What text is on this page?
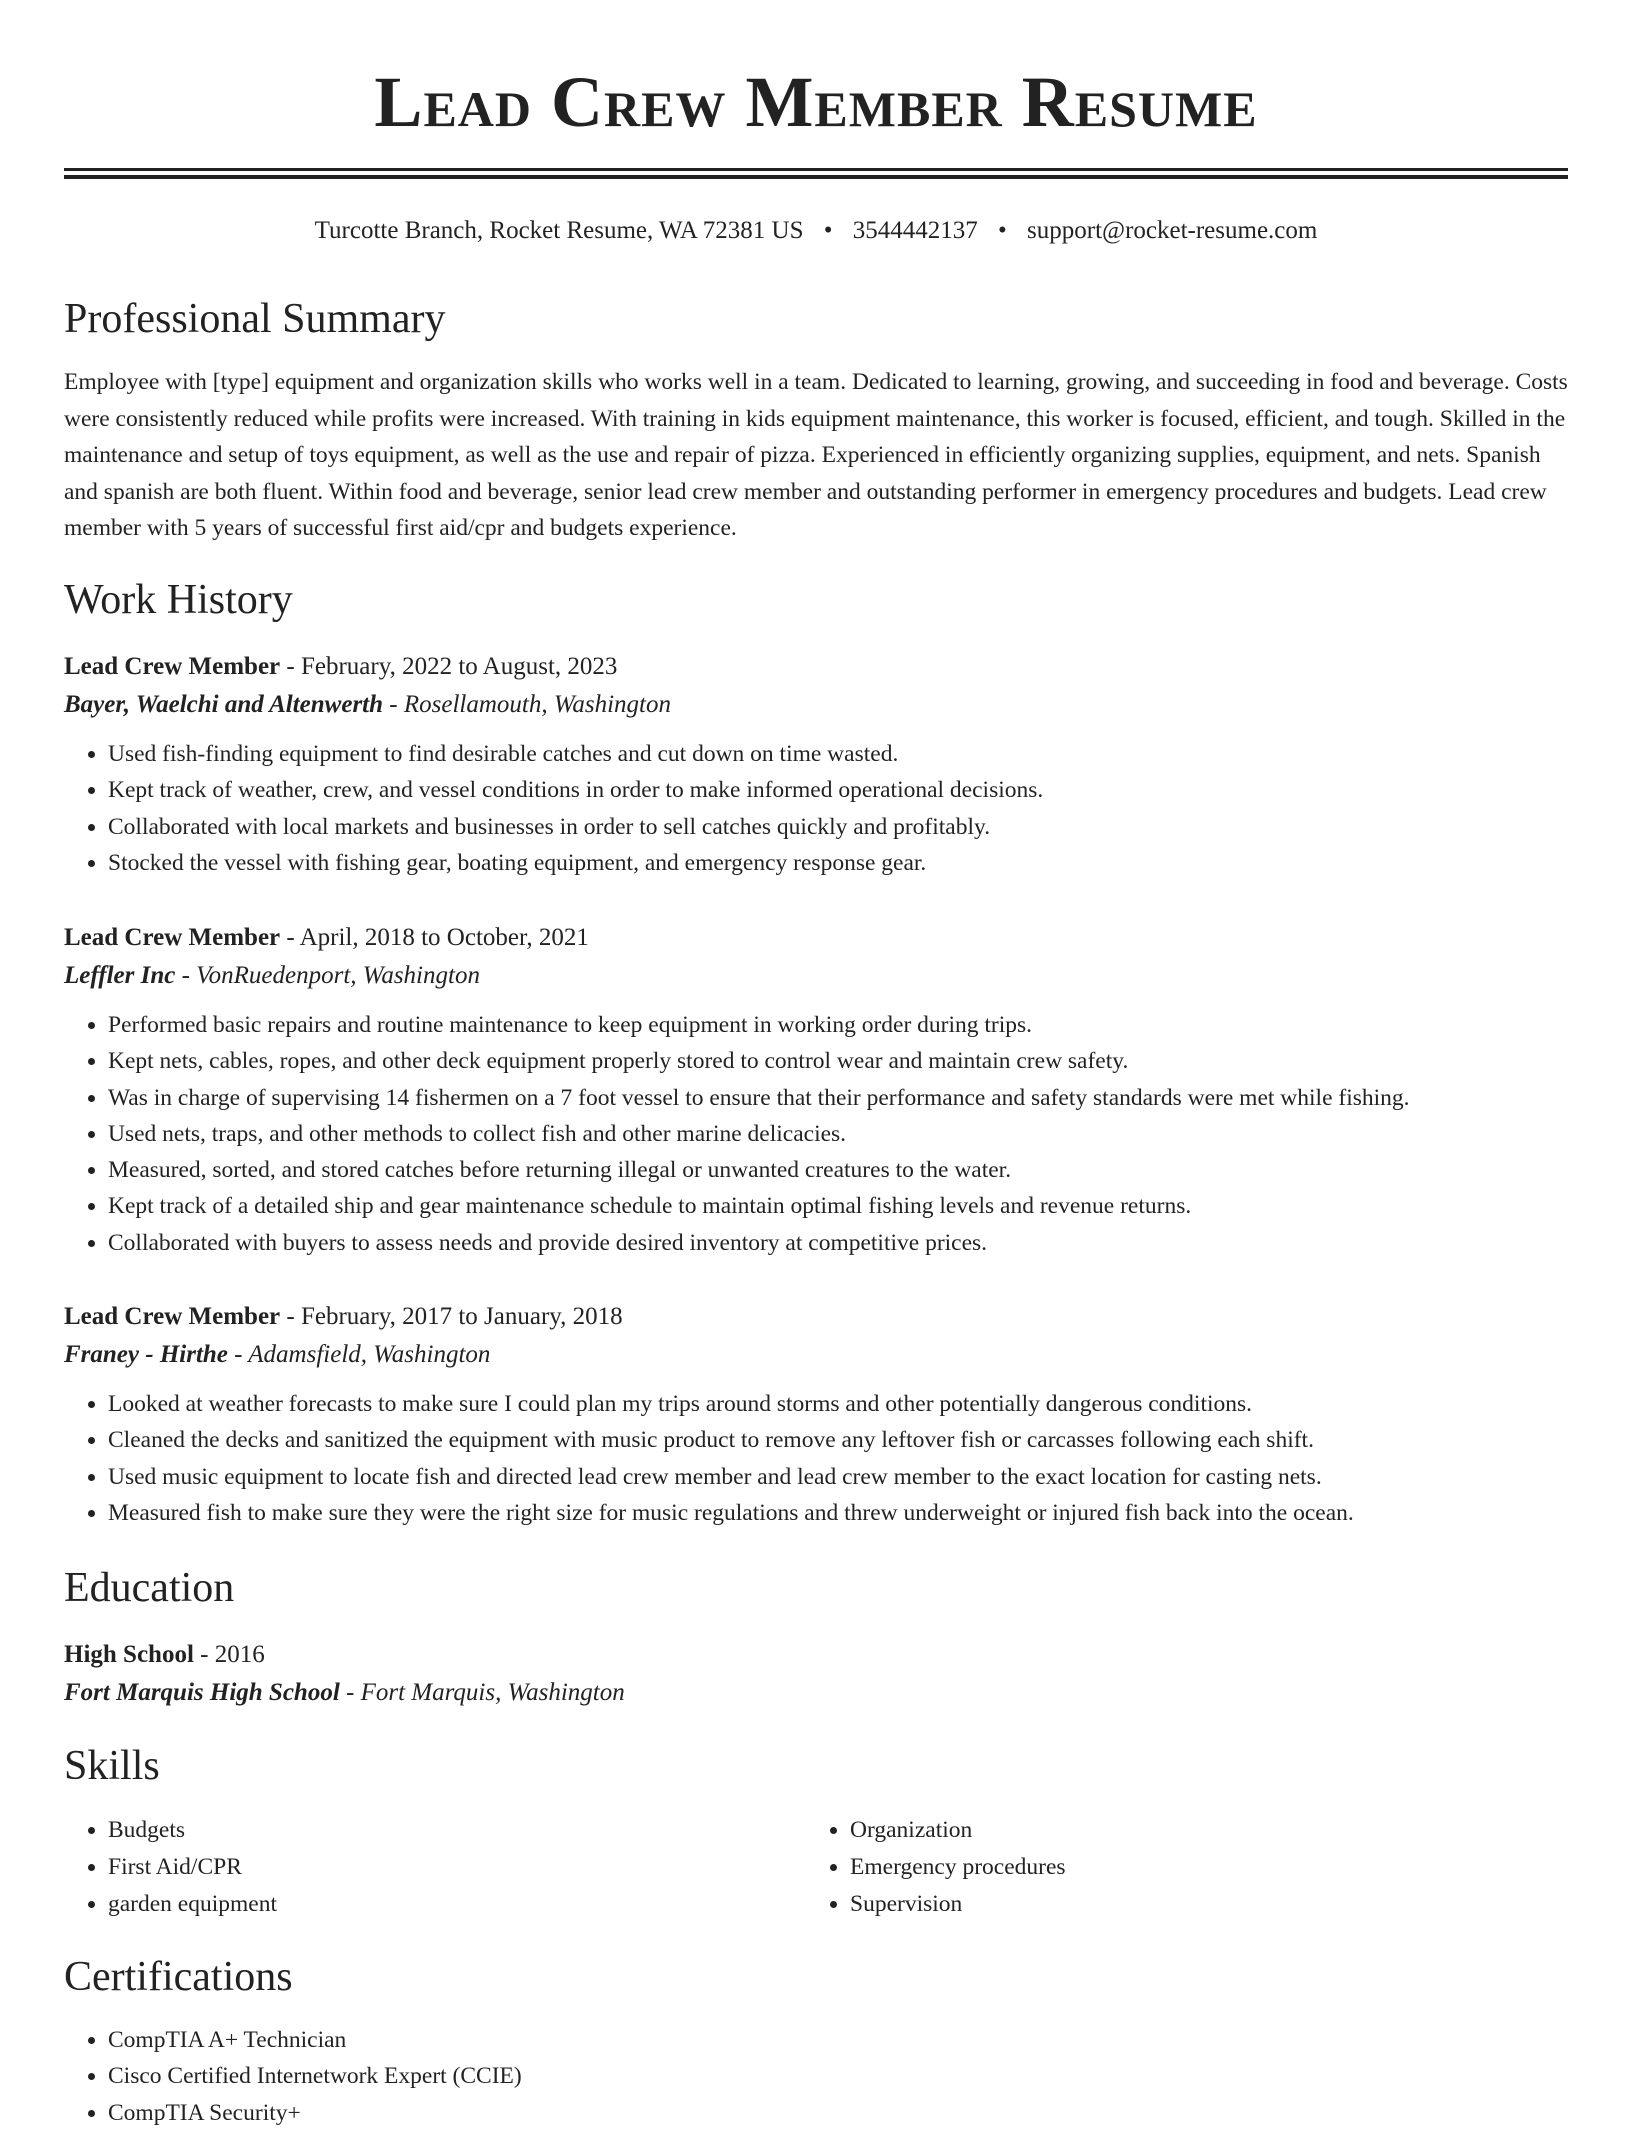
Lead Crew Member Resume
Turcotte Branch, Rocket Resume, WA 72381 US • 3544442137 • support@rocket-resume.com
Professional Summary

Employee with [type] equipment and organization skills who works well in a team. Dedicated to learning, growing, and succeeding in food and beverage. Costs were consistently reduced while profits were increased. With training in kids equipment maintenance, this worker is focused, efficient, and tough. Skilled in the maintenance and setup of toys equipment, as well as the use and repair of pizza. Experienced in efficiently organizing supplies, equipment, and nets. Spanish and spanish are both fluent. Within food and beverage, senior lead crew member and outstanding performer in emergency procedures and budgets. Lead crew member with 5 years of successful first aid/cpr and budgets experience.

Work History

Lead Crew Member - February, 2022 to August, 2023

Bayer, Waelchi and Altenwerth - Rosellamouth, Washington

• Used fish-finding equipment to find desirable catches and cut down on time wasted.
• Kept track of weather, crew, and vessel conditions in order to make informed operational decisions.
• Collaborated with local markets and businesses in order to sell catches quickly and profitably.
• Stocked the vessel with fishing gear, boating equipment, and emergency response gear.

Lead Crew Member - April, 2018 to October, 2021

Leffler Inc - VonRuedenport, Washington

• Performed basic repairs and routine maintenance to keep equipment in working order during trips.
• Kept nets, cables, ropes, and other deck equipment properly stored to control wear and maintain crew safety.
• Was in charge of supervising 14 fishermen on a 7 foot vessel to ensure that their performance and safety standards were met while fishing.
• Used nets, traps, and other methods to collect fish and other marine delicacies.
• Measured, sorted, and stored catches before returning illegal or unwanted creatures to the water.
• Kept track of a detailed ship and gear maintenance schedule to maintain optimal fishing levels and revenue returns.
• Collaborated with buyers to assess needs and provide desired inventory at competitive prices.

Lead Crew Member - February, 2017 to January, 2018

Franey - Hirthe - Adamsfield, Washington

• Looked at weather forecasts to make sure I could plan my trips around storms and other potentially dangerous conditions.
• Cleaned the decks and sanitized the equipment with music product to remove any leftover fish or carcasses following each shift.
• Used music equipment to locate fish and directed lead crew member and lead crew member to the exact location for casting nets.
• Measured fish to make sure they were the right size for music regulations and threw underweight or injured fish back into the ocean.
Education

High School - 2016

Fort Marquis High School - Fort Marquis, Washington

Skills
• Budgets
• First Aid/CPR
• garden equipment
• Organization
• Emergency procedures
• Supervision
Certifications
• CompTIA A+ Technician
• Cisco Certified Internetwork Expert (CCIE)
• CompTIA Security+
